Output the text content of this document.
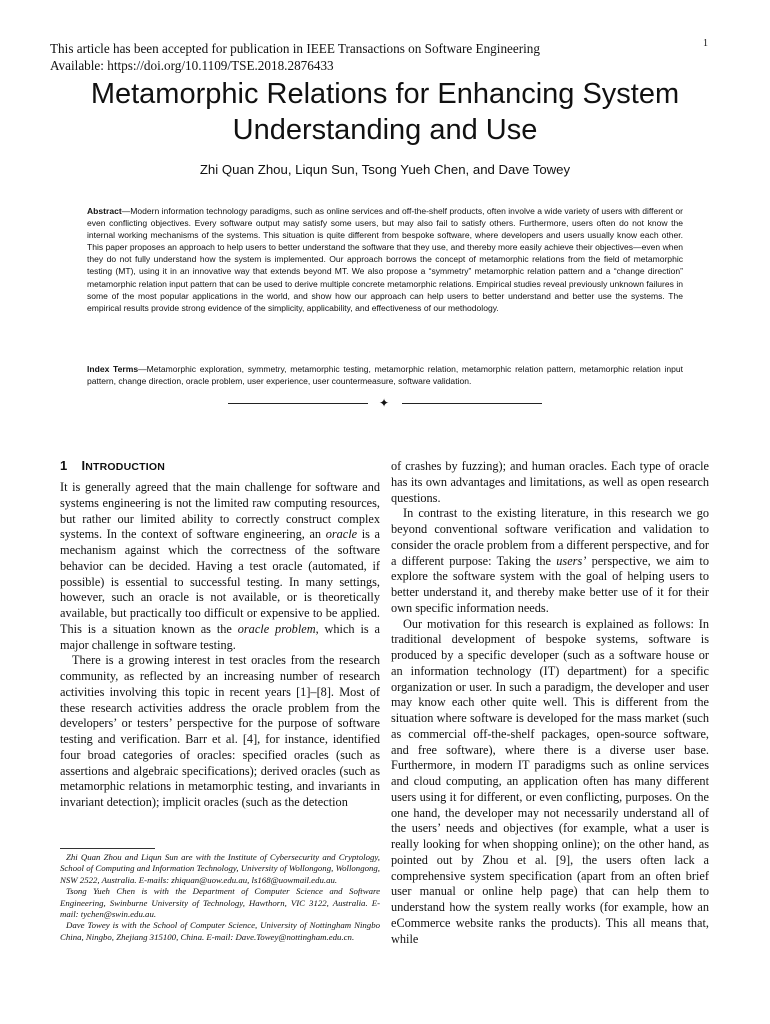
This article has been accepted for publication in IEEE Transactions on Software Engineering
Available: https://doi.org/10.1109/TSE.2018.2876433
1
Metamorphic Relations for Enhancing System Understanding and Use
Zhi Quan Zhou, Liqun Sun, Tsong Yueh Chen, and Dave Towey
Abstract—Modern information technology paradigms, such as online services and off-the-shelf products, often involve a wide variety of users with different or even conflicting objectives. Every software output may satisfy some users, but may also fail to satisfy others. Furthermore, users often do not know the internal working mechanisms of the systems. This situation is quite different from bespoke software, where developers and users usually know each other. This paper proposes an approach to help users to better understand the software that they use, and thereby more easily achieve their objectives—even when they do not fully understand how the system is implemented. Our approach borrows the concept of metamorphic relations from the field of metamorphic testing (MT), using it in an innovative way that extends beyond MT. We also propose a “symmetry” metamorphic relation pattern and a “change direction” metamorphic relation input pattern that can be used to derive multiple concrete metamorphic relations. Empirical studies reveal previously unknown failures in some of the most popular applications in the world, and show how our approach can help users to better understand and better use the systems. The empirical results provide strong evidence of the simplicity, applicability, and effectiveness of our methodology.
Index Terms—Metamorphic exploration, symmetry, metamorphic testing, metamorphic relation, metamorphic relation pattern, metamorphic relation input pattern, change direction, oracle problem, user experience, user countermeasure, software validation.
✦
1 INTRODUCTION

It is generally agreed that the main challenge for software and systems engineering is not the limited raw computing resources, but rather our limited ability to correctly construct complex systems. In the context of software engineering, an oracle is a mechanism against which the correctness of the software behavior can be decided. Having a test oracle (automated, if possible) is essential to successful testing. In many settings, however, such an oracle is not available, or is theoretically available, but practically too difficult or expensive to be applied. This is a situation known as the oracle problem, which is a major challenge in software testing.

There is a growing interest in test oracles from the research community, as reflected by an increasing number of research activities involving this topic in recent years [1]–[8]. Most of these research activities address the oracle problem from the developers’ or testers’ perspective for the purpose of software testing and verification. Barr et al. [4], for instance, identified four broad categories of oracles: specified oracles (such as assertions and algebraic specifications); derived oracles (such as metamorphic relations in metamorphic testing, and invariants in invariant detection); implicit oracles (such as the detection

Zhi Quan Zhou and Liqun Sun are with the Institute of Cybersecurity and Cryptology, School of Computing and Information Technology, University of Wollongong, Wollongong, NSW 2522, Australia. E-mails: zhiquan@uow.edu.au, ls168@uowmail.edu.au.

Tsong Yueh Chen is with the Department of Computer Science and Software Engineering, Swinburne University of Technology, Hawthorn, VIC 3122, Australia. E-mail: tychen@swin.edu.au.

Dave Towey is with the School of Computer Science, University of Nottingham Ningbo China, Ningbo, Zhejiang 315100, China. E-mail: Dave.Towey@nottingham.edu.cn.

of crashes by fuzzing); and human oracles. Each type of oracle has its own advantages and limitations, as well as open research questions.

In contrast to the existing literature, in this research we go beyond conventional software verification and validation to consider the oracle problem from a different perspective, and for a different purpose: Taking the users’ perspective, we aim to explore the software system with the goal of helping users to better understand it, and thereby make better use of it for their own specific information needs.

Our motivation for this research is explained as follows: In traditional development of bespoke systems, software is produced by a specific developer (such as a software house or an information technology (IT) department) for a specific organization or user. In such a paradigm, the developer and user may know each other quite well. This is different from the situation where software is developed for the mass market (such as commercial off-the-shelf packages, open-source software, and free software), where there is a diverse user base. Furthermore, in modern IT paradigms such as online services and cloud computing, an application often has many different users using it for different, or even conflicting, purposes. On the one hand, the developer may not necessarily understand all of the users’ needs and objectives (for example, what a user is really looking for when shopping online); on the other hand, as pointed out by Zhou et al. [9], the users often lack a comprehensive system specification (apart from an often brief user manual or online help page) that can help them to understand how the system really works (for example, how an eCommerce website ranks the products). This all means that, while
